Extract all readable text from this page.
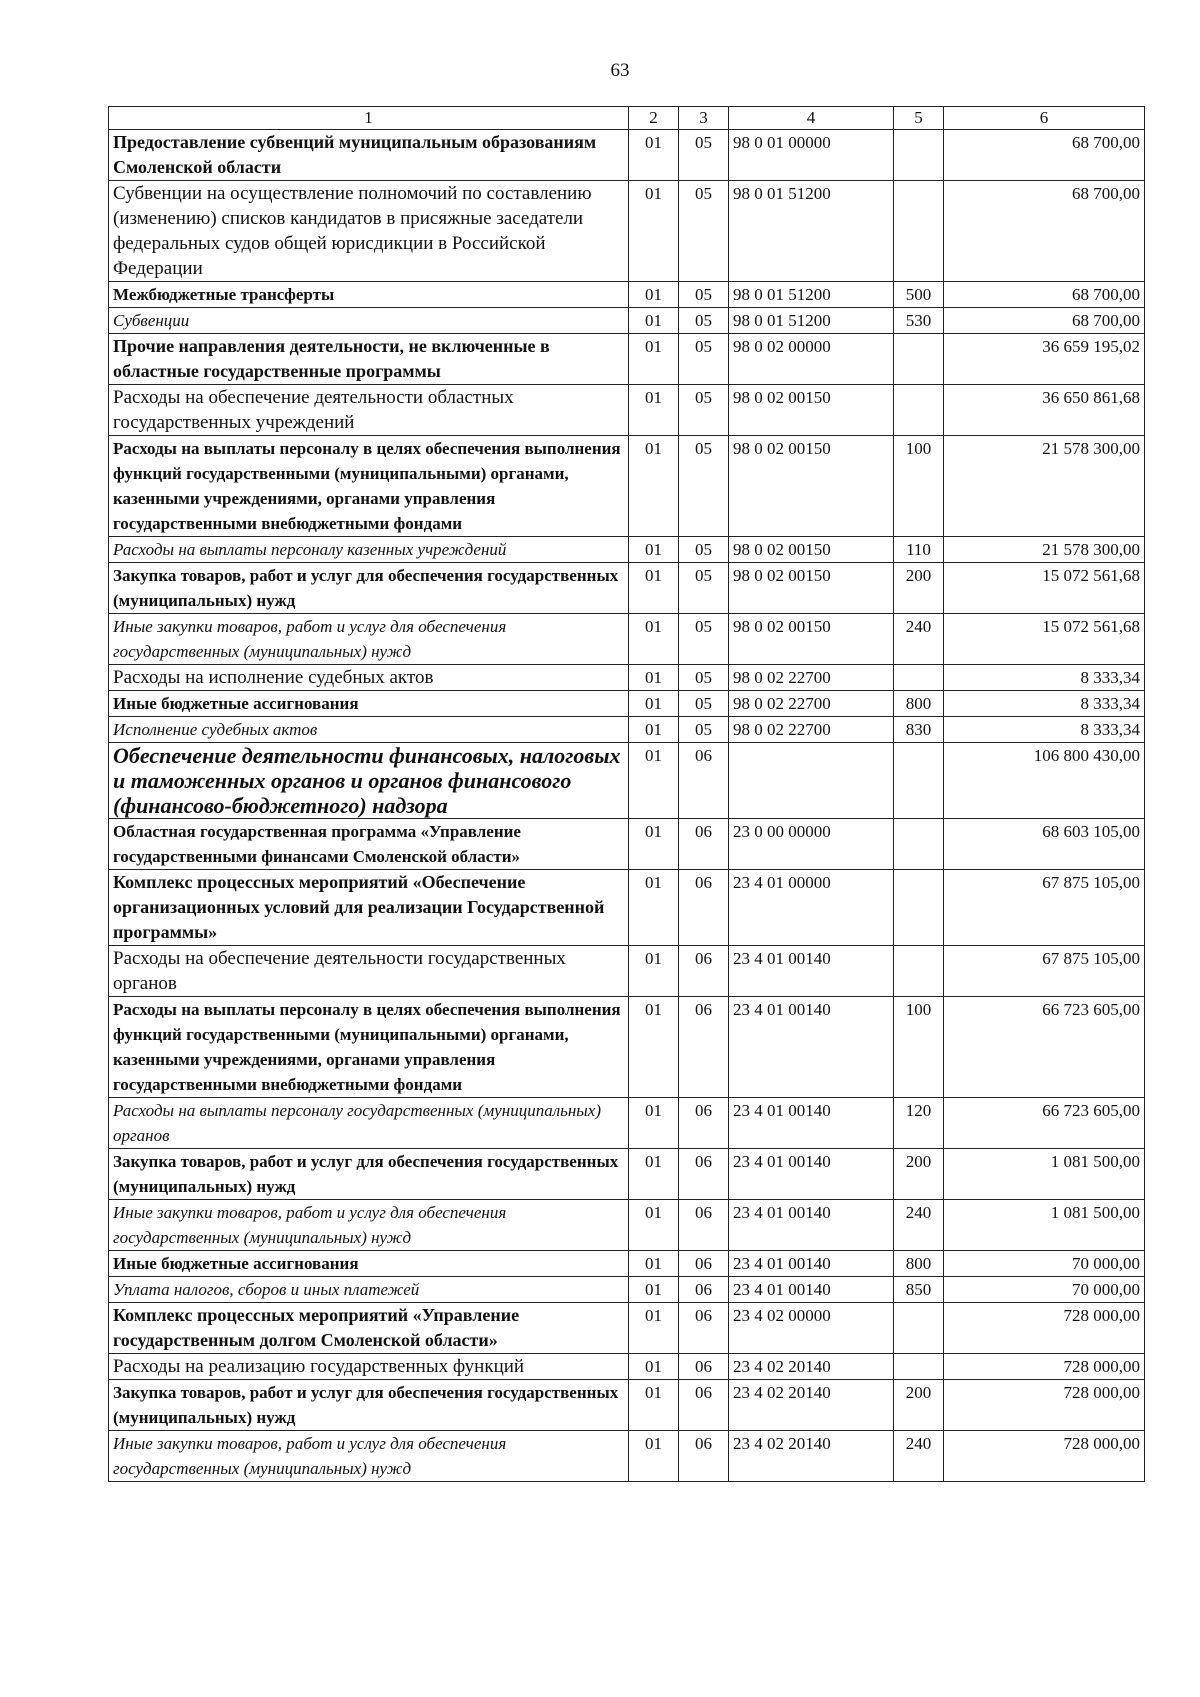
63
1	2	3	4	5	6
Предоставление субвенций муниципальным образованиям Смоленской области	01	05	98 0 01 00000		68 700,00
Субвенции на осуществление полномочий по составлению (изменению) списков кандидатов в присяжные заседатели федеральных судов общей юрисдикции в Российской Федерации	01	05	98 0 01 51200		68 700,00
Межбюджетные трансферты	01	05	98 0 01 51200	500	68 700,00
Субвенции	01	05	98 0 01 51200	530	68 700,00
Прочие направления деятельности, не включенные в областные государственные программы	01	05	98 0 02 00000		36 659 195,02
Расходы на обеспечение деятельности областных государственных учреждений	01	05	98 0 02 00150		36 650 861,68
Расходы на выплаты персоналу в целях обеспечения выполнения функций государственными (муниципальными) органами, казенными учреждениями, органами управления государственными внебюджетными фондами	01	05	98 0 02 00150	100	21 578 300,00
Расходы на выплаты персоналу казенных учреждений	01	05	98 0 02 00150	110	21 578 300,00
Закупка товаров, работ и услуг для обеспечения государственных (муниципальных) нужд	01	05	98 0 02 00150	200	15 072 561,68
Иные закупки товаров, работ и услуг для обеспечения государственных (муниципальных) нужд	01	05	98 0 02 00150	240	15 072 561,68
Расходы на исполнение судебных актов	01	05	98 0 02 22700		8 333,34
Иные бюджетные ассигнования	01	05	98 0 02 22700	800	8 333,34
Исполнение судебных актов	01	05	98 0 02 22700	830	8 333,34
Обеспечение деятельности финансовых, налоговых и таможенных органов и органов финансового (финансово-бюджетного) надзора	01	06			106 800 430,00
Областная государственная программа «Управление государственными финансами Смоленской области»	01	06	23 0 00 00000		68 603 105,00
Комплекс процессных мероприятий «Обеспечение организационных условий для реализации Государственной программы»	01	06	23 4 01 00000		67 875 105,00
Расходы на обеспечение деятельности государственных органов	01	06	23 4 01 00140		67 875 105,00
Расходы на выплаты персоналу в целях обеспечения выполнения функций государственными (муниципальными) органами, казенными учреждениями, органами управления государственными внебюджетными фондами	01	06	23 4 01 00140	100	66 723 605,00
Расходы на выплаты персоналу государственных (муниципальных) органов	01	06	23 4 01 00140	120	66 723 605,00
Закупка товаров, работ и услуг для обеспечения государственных (муниципальных) нужд	01	06	23 4 01 00140	200	1 081 500,00
Иные закупки товаров, работ и услуг для обеспечения государственных (муниципальных) нужд	01	06	23 4 01 00140	240	1 081 500,00
Иные бюджетные ассигнования	01	06	23 4 01 00140	800	70 000,00
Уплата налогов, сборов и иных платежей	01	06	23 4 01 00140	850	70 000,00
Комплекс процессных мероприятий «Управление государственным долгом Смоленской области»	01	06	23 4 02 00000		728 000,00
Расходы на реализацию государственных функций	01	06	23 4 02 20140		728 000,00
Закупка товаров, работ и услуг для обеспечения государственных (муниципальных) нужд	01	06	23 4 02 20140	200	728 000,00
Иные закупки товаров, работ и услуг для обеспечения государственных (муниципальных) нужд	01	06	23 4 02 20140	240	728 000,00
